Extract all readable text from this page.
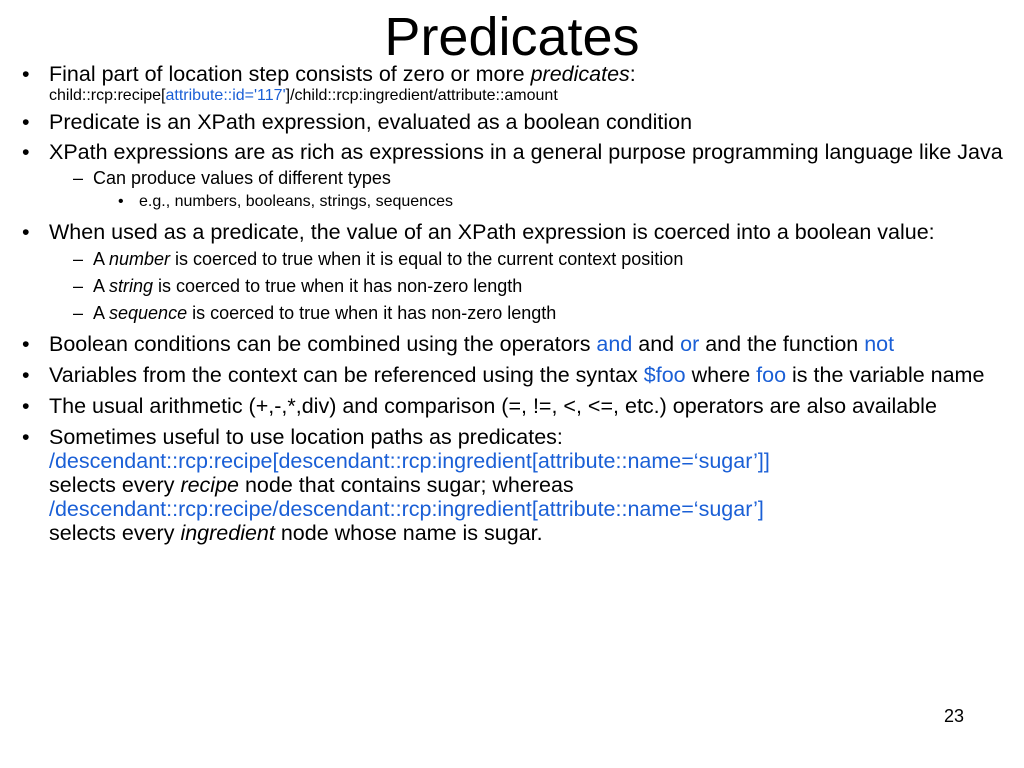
Predicates
• Final part of location step consists of zero or more predicates:
child::rcp:recipe[attribute::id='117']/child::rcp:ingredient/attribute::amount
• Predicate is an XPath expression, evaluated as a boolean condition
• XPath expressions are as rich as expressions in a general purpose programming language like Java
– Can produce values of different types
• e.g., numbers, booleans, strings, sequences
• When used as a predicate, the value of an XPath expression is coerced into a boolean value:
– A number is coerced to true when it is equal to the current context position
– A string is coerced to true when it has non-zero length
– A sequence is coerced to true when it has non-zero length
• Boolean conditions can be combined using the operators and and or and the function not
• Variables from the context can be referenced using the syntax $foo where foo is the variable name
• The usual arithmetic (+,-,*,div) and comparison (=, !=, <, <=, etc.) operators are also available
• Sometimes useful to use location paths as predicates:
/descendant::rcp:recipe[descendant::rcp:ingredient[attribute::name=‘sugar’]]
selects every recipe node that contains sugar; whereas
/descendant::rcp:recipe/descendant::rcp:ingredient[attribute::name=‘sugar’]
selects every ingredient node whose name is sugar.
23
